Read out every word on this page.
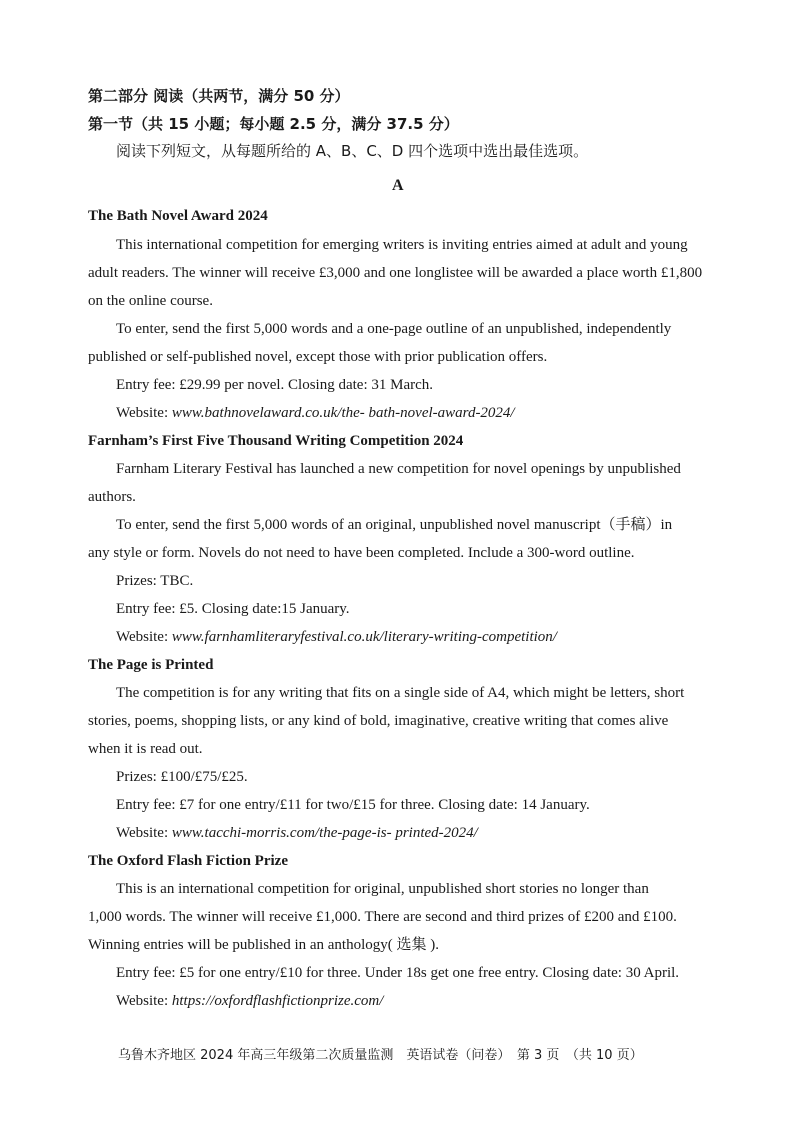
第二部分 阅读（共两节，满分 50 分）
第一节（共 15 小题；每小题 2.5 分，满分 37.5 分）
阅读下列短文，从每题所给的 A、B、C、D 四个选项中选出最佳选项。
A
The Bath Novel Award 2024
This international competition for emerging writers is inviting entries aimed at adult and young
adult readers. The winner will receive £3,000 and one longlistee will be awarded a place worth £1,800
on the online course.
To enter, send the first 5,000 words and a one-page outline of an unpublished, independently
published or self-published novel, except those with prior publication offers.
Entry fee: £29.99 per novel. Closing date: 31 March.
Website: www.bathnovelaward.co.uk/the- bath-novel-award-2024/
Farnham’s First Five Thousand Writing Competition 2024
Farnham Literary Festival has launched a new competition for novel openings by unpublished
authors.
To enter, send the first 5,000 words of an original, unpublished novel manuscript（手稿）in
any style or form. Novels do not need to have been completed. Include a 300-word outline.
Prizes: TBC.
Entry fee: £5. Closing date:15 January.
Website: www.farnhamliteraryfestival.co.uk/literary-writing-competition/
The Page is Printed
The competition is for any writing that fits on a single side of A4, which might be letters, short
stories, poems, shopping lists, or any kind of bold, imaginative, creative writing that comes alive
when it is read out.
Prizes: £100/£75/£25.
Entry fee: £7 for one entry/£11 for two/£15 for three. Closing date: 14 January.
Website: www.tacchi-morris.com/the-page-is- printed-2024/
The Oxford Flash Fiction Prize
This is an international competition for original, unpublished short stories no longer than
1,000 words. The winner will receive £1,000. There are second and third prizes of £200 and £100.
Winning entries will be published in an anthology( 选集 ).
Entry fee: £5 for one entry/£10 for three. Under 18s get one free entry. Closing date: 30 April.
Website: https://oxfordflashfictionprize.com/
乌鲁木齐地区 2024 年高三年级第二次质量监测　英语试卷（问卷）　第 3 页　（共 10 页）
